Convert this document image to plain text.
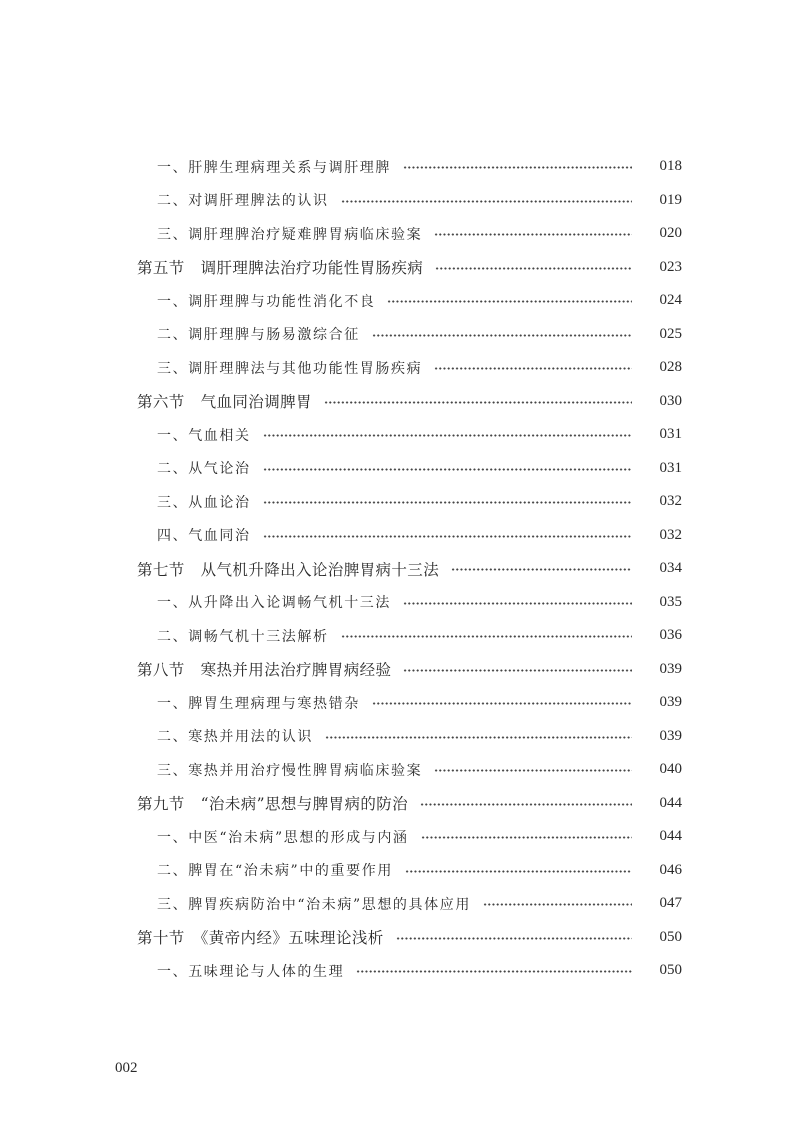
一、肝脾生理病理关系与调肝理脾	018
二、对调肝理脾法的认识	019
三、调肝理脾治疗疑难脾胃病临床验案	020
第五节　调肝理脾法治疗功能性胃肠疾病	023
一、调肝理脾与功能性消化不良	024
二、调肝理脾与肠易激综合征	025
三、调肝理脾法与其他功能性胃肠疾病	028
第六节　气血同治调脾胃	030
一、气血相关	031
二、从气论治	031
三、从血论治	032
四、气血同治	032
第七节　从气机升降出入论治脾胃病十三法	034
一、从升降出入论调畅气机十三法	035
二、调畅气机十三法解析	036
第八节　寒热并用法治疗脾胃病经验	039
一、脾胃生理病理与寒热错杂	039
二、寒热并用法的认识	039
三、寒热并用治疗慢性脾胃病临床验案	040
第九节　“治未病”思想与脾胃病的防治	044
一、中医“治未病”思想的形成与内涵	044
二、脾胃在“治未病”中的重要作用	046
三、脾胃疾病防治中“治未病”思想的具体应用	047
第十节　《黄帝内经》五味理论浅析	050
一、五味理论与人体的生理	050
002
